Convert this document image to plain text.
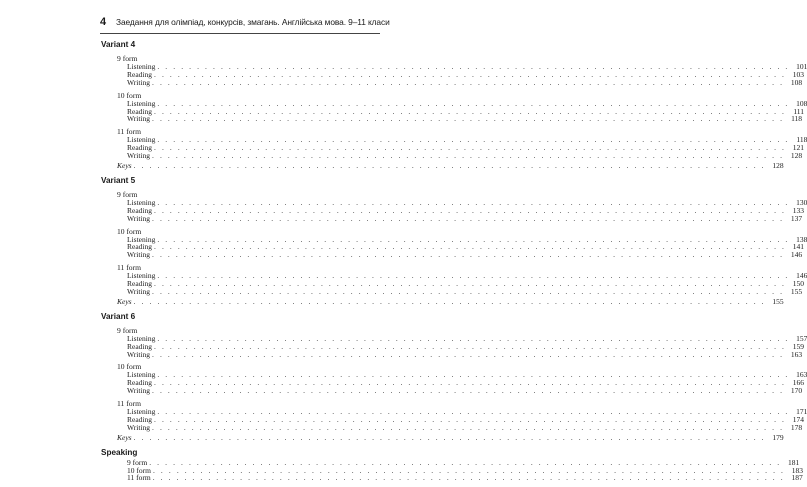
4 Заедання для олімпіад, конкурсів, змагань. Англійська мова. 9–11 класи
Variant 4
9 form
Listening . . . . . . . . . . . . . . . . . . . . . . . . . . . . . . . . . . . . . . . . . . . . . . . . . . . . . . . . . . . . . . . . . . . . . . . . . . . . . . . . 101
Reading . . . . . . . . . . . . . . . . . . . . . . . . . . . . . . . . . . . . . . . . . . . . . . . . . . . . . . . . . . . . . . . . . . . . . . . . . . . . . . . . 103
Writing . . . . . . . . . . . . . . . . . . . . . . . . . . . . . . . . . . . . . . . . . . . . . . . . . . . . . . . . . . . . . . . . . . . . . . . . . . . . . . . . 108
10 form
Listening . . . . . . . . . . . . . . . . . . . . . . . . . . . . . . . . . . . . . . . . . . . . . . . . . . . . . . . . . . . . . . . . . . . . . . . . . . . . . . . . 108
Reading . . . . . . . . . . . . . . . . . . . . . . . . . . . . . . . . . . . . . . . . . . . . . . . . . . . . . . . . . . . . . . . . . . . . . . . . . . . . . . . . 111
Writing . . . . . . . . . . . . . . . . . . . . . . . . . . . . . . . . . . . . . . . . . . . . . . . . . . . . . . . . . . . . . . . . . . . . . . . . . . . . . . . . 118
11 form
Listening . . . . . . . . . . . . . . . . . . . . . . . . . . . . . . . . . . . . . . . . . . . . . . . . . . . . . . . . . . . . . . . . . . . . . . . . . . . . . . . . 118
Reading . . . . . . . . . . . . . . . . . . . . . . . . . . . . . . . . . . . . . . . . . . . . . . . . . . . . . . . . . . . . . . . . . . . . . . . . . . . . . . . . 121
Writing . . . . . . . . . . . . . . . . . . . . . . . . . . . . . . . . . . . . . . . . . . . . . . . . . . . . . . . . . . . . . . . . . . . . . . . . . . . . . . . . 128
Keys . . . . . . . . . . . . . . . . . . . . . . . . . . . . . . . . . . . . . . . . . . . . . . . . . . . . . . . . . . . . . . . . . . . . . . . . . . . . . . . . 128
Variant 5
9 form
Listening . . . . . . . . . . . . . . . . . . . . . . . . . . . . . . . . . . . . . . . . . . . . . . . . . . . . . . . . . . . . . . . . . . . . . . . . . . . . . . . . 130
Reading . . . . . . . . . . . . . . . . . . . . . . . . . . . . . . . . . . . . . . . . . . . . . . . . . . . . . . . . . . . . . . . . . . . . . . . . . . . . . . . . 133
Writing . . . . . . . . . . . . . . . . . . . . . . . . . . . . . . . . . . . . . . . . . . . . . . . . . . . . . . . . . . . . . . . . . . . . . . . . . . . . . . . . 137
10 form
Listening . . . . . . . . . . . . . . . . . . . . . . . . . . . . . . . . . . . . . . . . . . . . . . . . . . . . . . . . . . . . . . . . . . . . . . . . . . . . . . . . 138
Reading . . . . . . . . . . . . . . . . . . . . . . . . . . . . . . . . . . . . . . . . . . . . . . . . . . . . . . . . . . . . . . . . . . . . . . . . . . . . . . . . 141
Writing . . . . . . . . . . . . . . . . . . . . . . . . . . . . . . . . . . . . . . . . . . . . . . . . . . . . . . . . . . . . . . . . . . . . . . . . . . . . . . . . 146
11 form
Listening . . . . . . . . . . . . . . . . . . . . . . . . . . . . . . . . . . . . . . . . . . . . . . . . . . . . . . . . . . . . . . . . . . . . . . . . . . . . . . . . 146
Reading . . . . . . . . . . . . . . . . . . . . . . . . . . . . . . . . . . . . . . . . . . . . . . . . . . . . . . . . . . . . . . . . . . . . . . . . . . . . . . . . 150
Writing . . . . . . . . . . . . . . . . . . . . . . . . . . . . . . . . . . . . . . . . . . . . . . . . . . . . . . . . . . . . . . . . . . . . . . . . . . . . . . . . 155
Keys . . . . . . . . . . . . . . . . . . . . . . . . . . . . . . . . . . . . . . . . . . . . . . . . . . . . . . . . . . . . . . . . . . . . . . . . . . . . . . . . 155
Variant 6
9 form
Listening . . . . . . . . . . . . . . . . . . . . . . . . . . . . . . . . . . . . . . . . . . . . . . . . . . . . . . . . . . . . . . . . . . . . . . . . . . . . . . . . 157
Reading . . . . . . . . . . . . . . . . . . . . . . . . . . . . . . . . . . . . . . . . . . . . . . . . . . . . . . . . . . . . . . . . . . . . . . . . . . . . . . . . 159
Writing . . . . . . . . . . . . . . . . . . . . . . . . . . . . . . . . . . . . . . . . . . . . . . . . . . . . . . . . . . . . . . . . . . . . . . . . . . . . . . . . 163
10 form
Listening . . . . . . . . . . . . . . . . . . . . . . . . . . . . . . . . . . . . . . . . . . . . . . . . . . . . . . . . . . . . . . . . . . . . . . . . . . . . . . . . 163
Reading . . . . . . . . . . . . . . . . . . . . . . . . . . . . . . . . . . . . . . . . . . . . . . . . . . . . . . . . . . . . . . . . . . . . . . . . . . . . . . . . 166
Writing . . . . . . . . . . . . . . . . . . . . . . . . . . . . . . . . . . . . . . . . . . . . . . . . . . . . . . . . . . . . . . . . . . . . . . . . . . . . . . . . 170
11 form
Listening . . . . . . . . . . . . . . . . . . . . . . . . . . . . . . . . . . . . . . . . . . . . . . . . . . . . . . . . . . . . . . . . . . . . . . . . . . . . . . . . 171
Reading . . . . . . . . . . . . . . . . . . . . . . . . . . . . . . . . . . . . . . . . . . . . . . . . . . . . . . . . . . . . . . . . . . . . . . . . . . . . . . . . 174
Writing . . . . . . . . . . . . . . . . . . . . . . . . . . . . . . . . . . . . . . . . . . . . . . . . . . . . . . . . . . . . . . . . . . . . . . . . . . . . . . . . 178
Keys . . . . . . . . . . . . . . . . . . . . . . . . . . . . . . . . . . . . . . . . . . . . . . . . . . . . . . . . . . . . . . . . . . . . . . . . . . . . . . . . 179
Speaking
9 form . . . . . . . . . . . . . . . . . . . . . . . . . . . . . . . . . . . . . . . . . . . . . . . . . . . . . . . . . . . . . . . . . . . . . . . . . . . . . . . . 181
10 form . . . . . . . . . . . . . . . . . . . . . . . . . . . . . . . . . . . . . . . . . . . . . . . . . . . . . . . . . . . . . . . . . . . . . . . . . . . . . . . . 183
11 form . . . . . . . . . . . . . . . . . . . . . . . . . . . . . . . . . . . . . . . . . . . . . . . . . . . . . . . . . . . . . . . . . . . . . . . . . . . . . . . . 187
